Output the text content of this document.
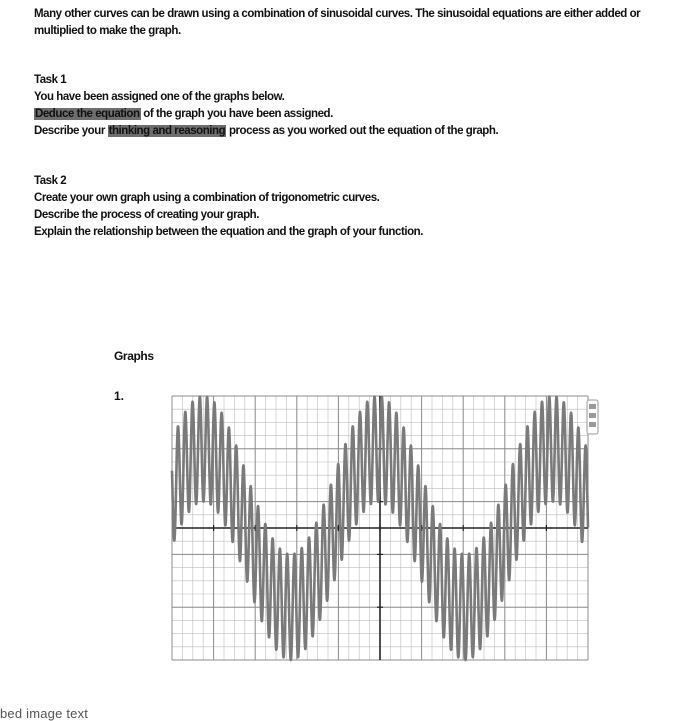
Many other curves can be drawn using a combination of sinusoidal curves. The sinusoidal equations are either added or

multiplied to make the graph.

Task 1

You have been assigned one of the graphs below.

Deduce the equation of the graph you have been assigned.

Describe your thinking and reasoning process as you worked out the equation of the graph.

Task 2

Create your own graph using a combination of trigonometric curves.

Describe the process of creating your graph.

Explain the relationship between the equation and the graph of your function.

Graphs
1.
bed image text
